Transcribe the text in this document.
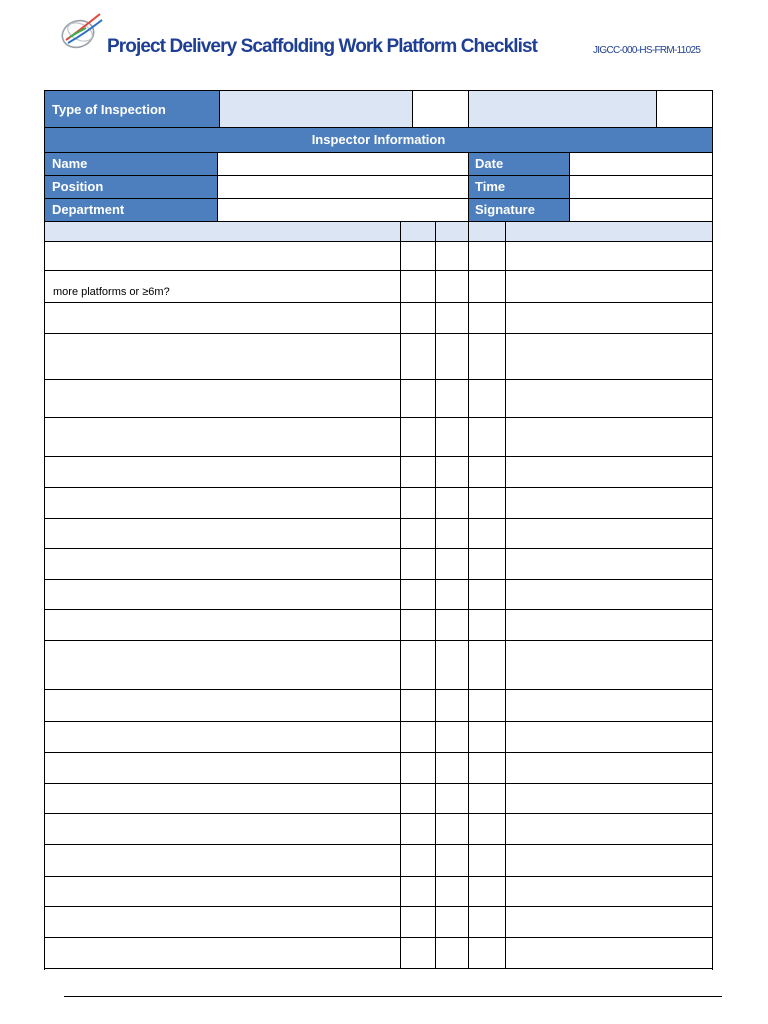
Project Delivery Scaffolding Work Platform Checklist	JIGCC-000-HS-FRM-11025
Type of Inspection
Inspector Information
Name	Date
Position	Time
Department	Signature
more platforms or ≥6m?
